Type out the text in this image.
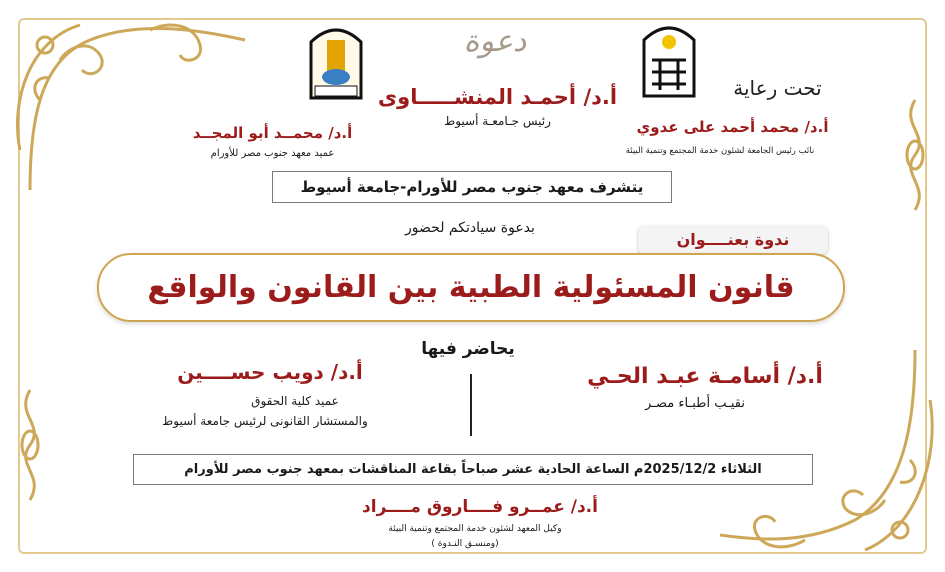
دعوة
تحت رعاية
أ.د/ محمد أحمد على عدوي
نائب رئيس الجامعة لشئون خدمة المجتمع وتنمية البيئة
أ.د/ أحمـد المنشـــــاوى
رئيس جـامعـة أسيوط
أ.د/ محمــد أبو المجــد
عميد معهد جنوب مصر للأورام
يتشرف معهد جنوب مصر للأورام-جامعة أسيوط
بدعوة سيادتكم لحضور
ندوة بعنــــوان
قانون المسئولية الطبية بين القانون والواقع
يحاضر فيها
أ.د/ أسامـة عبـد الحـي
نقيـب أطبـاء مصـر
أ.د/ دويب حســــين
عميد كلية الحقوق
والمستشار القانونى لرئيس جامعة أسيوط
الثلاثاء 2025/12/2م الساعة الحادية عشر صباحاً بقاعة المناقشات بمعهد جنوب مصر للأورام
أ.د/ عمــرو فــــاروق مــــراد
وكيل المعهد لشئون خدمة المجتمع وتنمية البيئة
(ومنسـق النـدوة )
